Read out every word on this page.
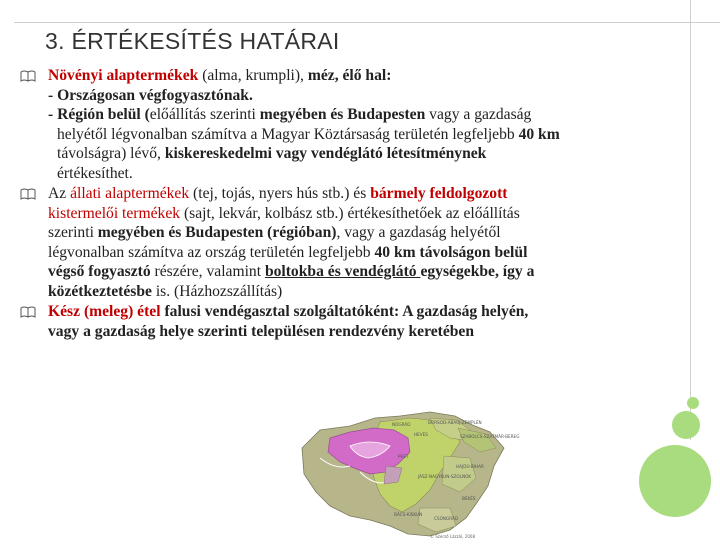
3. ÉRTÉKESÍTÉS HATÁRAI
Növényi alaptermékek (alma, krumpli), méz, élő hal:
- Országosan végfogyasztónak.
- Régión belül (előállítás szerinti megyében és Budapesten vagy a gazdaság
helyétől légvonalban számítva a Magyar Köztársaság területén legfeljebb 40 km
távolságra) lévő, kiskereskedelmi vagy vendéglátó létesítménynek
értékesíthet.
Az állati alaptermékek (tej, tojás, nyers hús stb.) és bármely feldolgozott
kistermelői termékek (sajt, lekvár, kolbász stb.) értékesíthetőek az előállítás
szerinti megyében és Budapesten (régióban), vagy a gazdaság helyétől
légvonalban számítva az ország területén legfeljebb 40 km távolságon belül
végső fogyasztó részére, valamint boltokba és vendéglátó egységekbe, így a
közétkeztetésbe is. (Házhozszállítás)
Kész (meleg) étel falusi vendégasztal szolgáltatóként: A gazdaság helyén,
vagy a gazdaság helye szerinti településen rendezvény keretében
BORSOD-ABAÚJ-ZEMPLÉN
SZABOLCS-SZATMÁR-BEREG
HAJDÚ-BIHAR
HEVES
JÁSZ-NAGYKUN-SZOLNOK
BÉKÉS
CSONGRÁD
BÁCS-KISKUN
PEST
NÓGRÁD
© Szerző Lázzló, 2008
